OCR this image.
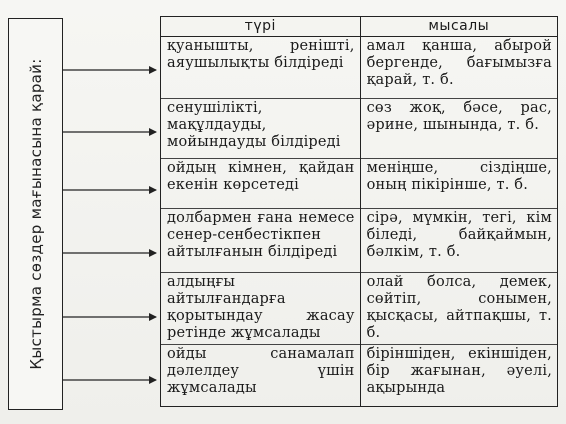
Қыстырма сөздер мағынасына қарай:
түрі	мысалы
қуанышты, реніштi, аяушылықты білдіреді	амал қанша, абырой бергенде, бағымызға қарай, т. б.
сенушілікті, мақұлдауды, мойындауды білдіреді	сөз жоқ, бәсе, рас, әрине, шынында, т. б.
ойдың кімнен, қайдан екенін көрсетеді	меніңше, сіздіңше, оның пікірінше, т. б.
долбармен ғана немесе сенер-сенбестікпен айтылғанын білдіреді	сірә, мүмкін, тегі, кім біледі, байқаймын, бәлкім, т. б.
алдыңғы айтылғандарға қорытындау жасау ретінде жұмсалады	олай болса, демек, сөйтіп, сонымен, қысқасы, айтпақшы, т. б.
ойды санамалап дәлелдеу үшін жұмсалады	біріншіден, екіншіден, бір жағынан, әуелі, ақырында
